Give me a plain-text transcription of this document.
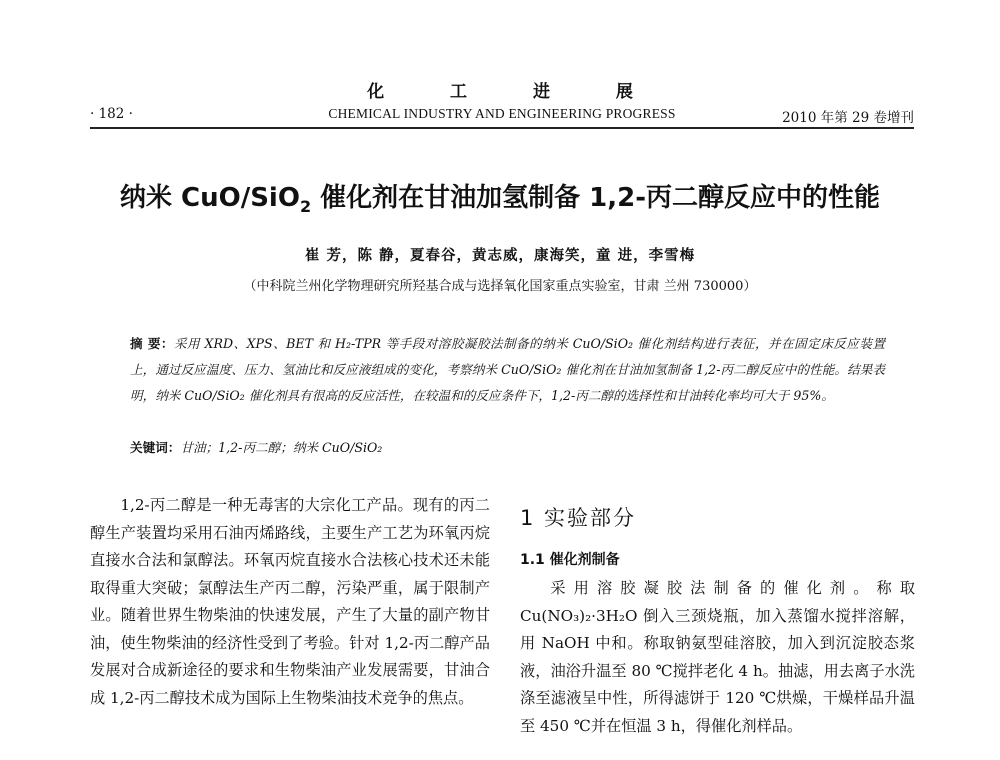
化 工 进 展
· 182 ·	CHEMICAL INDUSTRY AND ENGINEERING PROGRESS	2010 年第 29 卷增刊
纳米 CuO/SiO$_2$ 催化剂在甘油加氢制备 1,2-丙二醇反应中的性能
崔 芳，陈 静，夏春谷，黄志威，康海笑，童 进，李雪梅
（中科院兰州化学物理研究所羟基合成与选择氧化国家重点实验室，甘肃 兰州 730000）
摘 要：采用 XRD、XPS、BET 和 H₂-TPR 等手段对溶胶凝胶法制备的纳米 CuO/SiO₂ 催化剂结构进行表征，并在固定床反应装置上，通过反应温度、压力、氢油比和反应液组成的变化，考察纳米 CuO/SiO₂ 催化剂在甘油加氢制备 1,2-丙二醇反应中的性能。结果表明，纳米 CuO/SiO₂ 催化剂具有很高的反应活性，在较温和的反应条件下，1,2-丙二醇的选择性和甘油转化率均可大于 95%。
关键词：甘油；1,2-丙二醇；纳米 CuO/SiO₂

1,2-丙二醇是一种无毒害的大宗化工产品。现有的丙二醇生产装置均采用石油丙烯路线，主要生产工艺为环氧丙烷直接水合法和氯醇法。环氧丙烷直接水合法核心技术还未能取得重大突破；氯醇法生产丙二醇，污染严重，属于限制产业。随着世界生物柴油的快速发展，产生了大量的副产物甘油，使生物柴油的经济性受到了考验。针对 1,2-丙二醇产品发展对合成新途径的要求和生物柴油产业发展需要，甘油合成 1,2-丙二醇技术成为国际上生物柴油技术竞争的焦点。

1 实验部分
1.1 催化剂制备

采用溶胶凝胶法制备的催化剂。称取 Cu(NO₃)₂·3H₂O 倒入三颈烧瓶，加入蒸馏水搅拌溶解，用 NaOH 中和。称取钠氨型硅溶胶，加入到沉淀胶态浆液，油浴升温至 80 ℃搅拌老化 4 h。抽滤，用去离子水洗涤至滤液呈中性，所得滤饼于 120 ℃烘燥，干燥样品升温至 450 ℃并在恒温 3 h，得催化剂样品。
